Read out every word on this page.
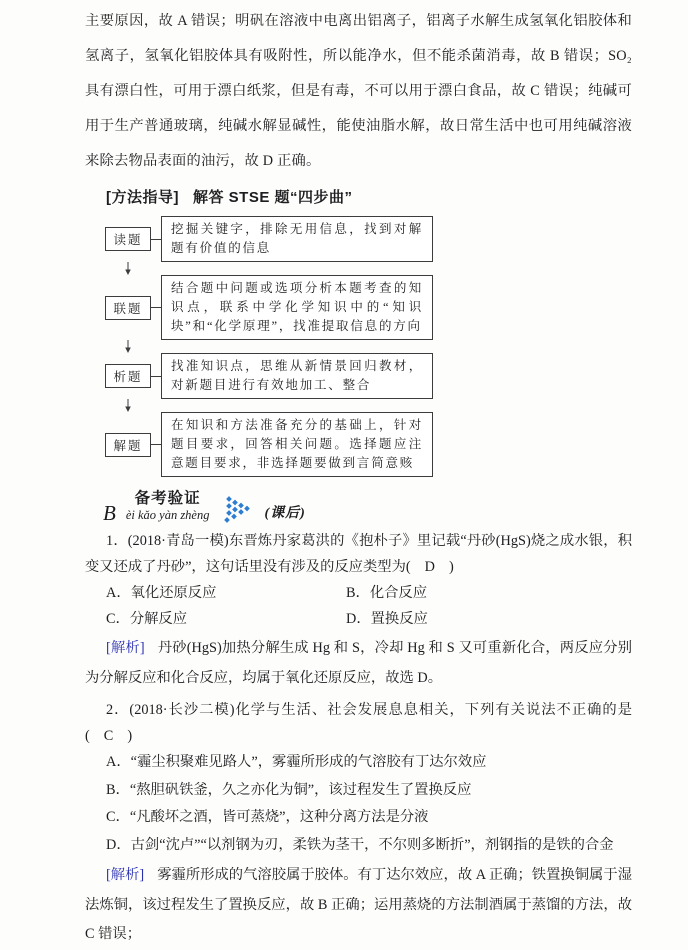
主要原因，故 A 错误；明矾在溶液中电离出铝离子，铝离子水解生成氢氧化铝胶体和氢离子，氢氧化铝胶体具有吸附性，所以能净水，但不能杀菌消毒，故 B 错误；SO₂具有漂白性，可用于漂白纸浆，但是有毒，不可以用于漂白食品，故 C 错误；纯碱可用于生产普通玻璃，纯碱水解显碱性，能使油脂水解，故日常生活中也可用纯碱溶液来除去物品表面的油污，故 D 正确。

[方法指导] 解答 STSE 题“四步曲”

读题
挖掘关键字，排除无用信息，找到对解题有价值的信息
联题
结合题中问题或选项分析本题考查的知识点，联系中学化学知识中的“知识块”和“化学原理”，找准提取信息的方向
析题
找准知识点，思维从新情景回归教材，对新题目进行有效地加工、整合
解题
在知识和方法准备充分的基础上，针对题目要求，回答相关问题。选择题应注意题目要求，非选择题要做到言简意赅
B
备考验证
èi kǎo yàn zhèng	(课后)

1．(2018·青岛一模)东晋炼丹家葛洪的《抱朴子》里记载“丹砂(HgS)烧之成水银，积变又还成了丹砂”，这句话里没有涉及的反应类型为( D )

A．氧化还原反应	B．化合反应
C．分解反应	D．置换反应

[解析] 丹砂(HgS)加热分解生成 Hg 和 S，冷却 Hg 和 S 又可重新化合，两反应分别为分解反应和化合反应，均属于氧化还原反应，故选 D。

2．(2018·长沙二模)化学与生活、社会发展息息相关，下列有关说法不正确的是( C )

A．“霾尘积聚难见路人”，雾霾所形成的气溶胶有丁达尔效应
B．“熬胆矾铁釜，久之亦化为铜”，该过程发生了置换反应
C．“凡酸坏之酒，皆可蒸烧”，这种分离方法是分液
D．古剑“沈卢”“以剂钢为刃，柔铁为茎干，不尔则多断折”，剂钢指的是铁的合金

[解析] 雾霾所形成的气溶胶属于胶体。有丁达尔效应，故 A 正确；铁置换铜属于湿法炼铜，该过程发生了置换反应，故 B 正确；运用蒸烧的方法制酒属于蒸馏的方法，故 C 错误；
